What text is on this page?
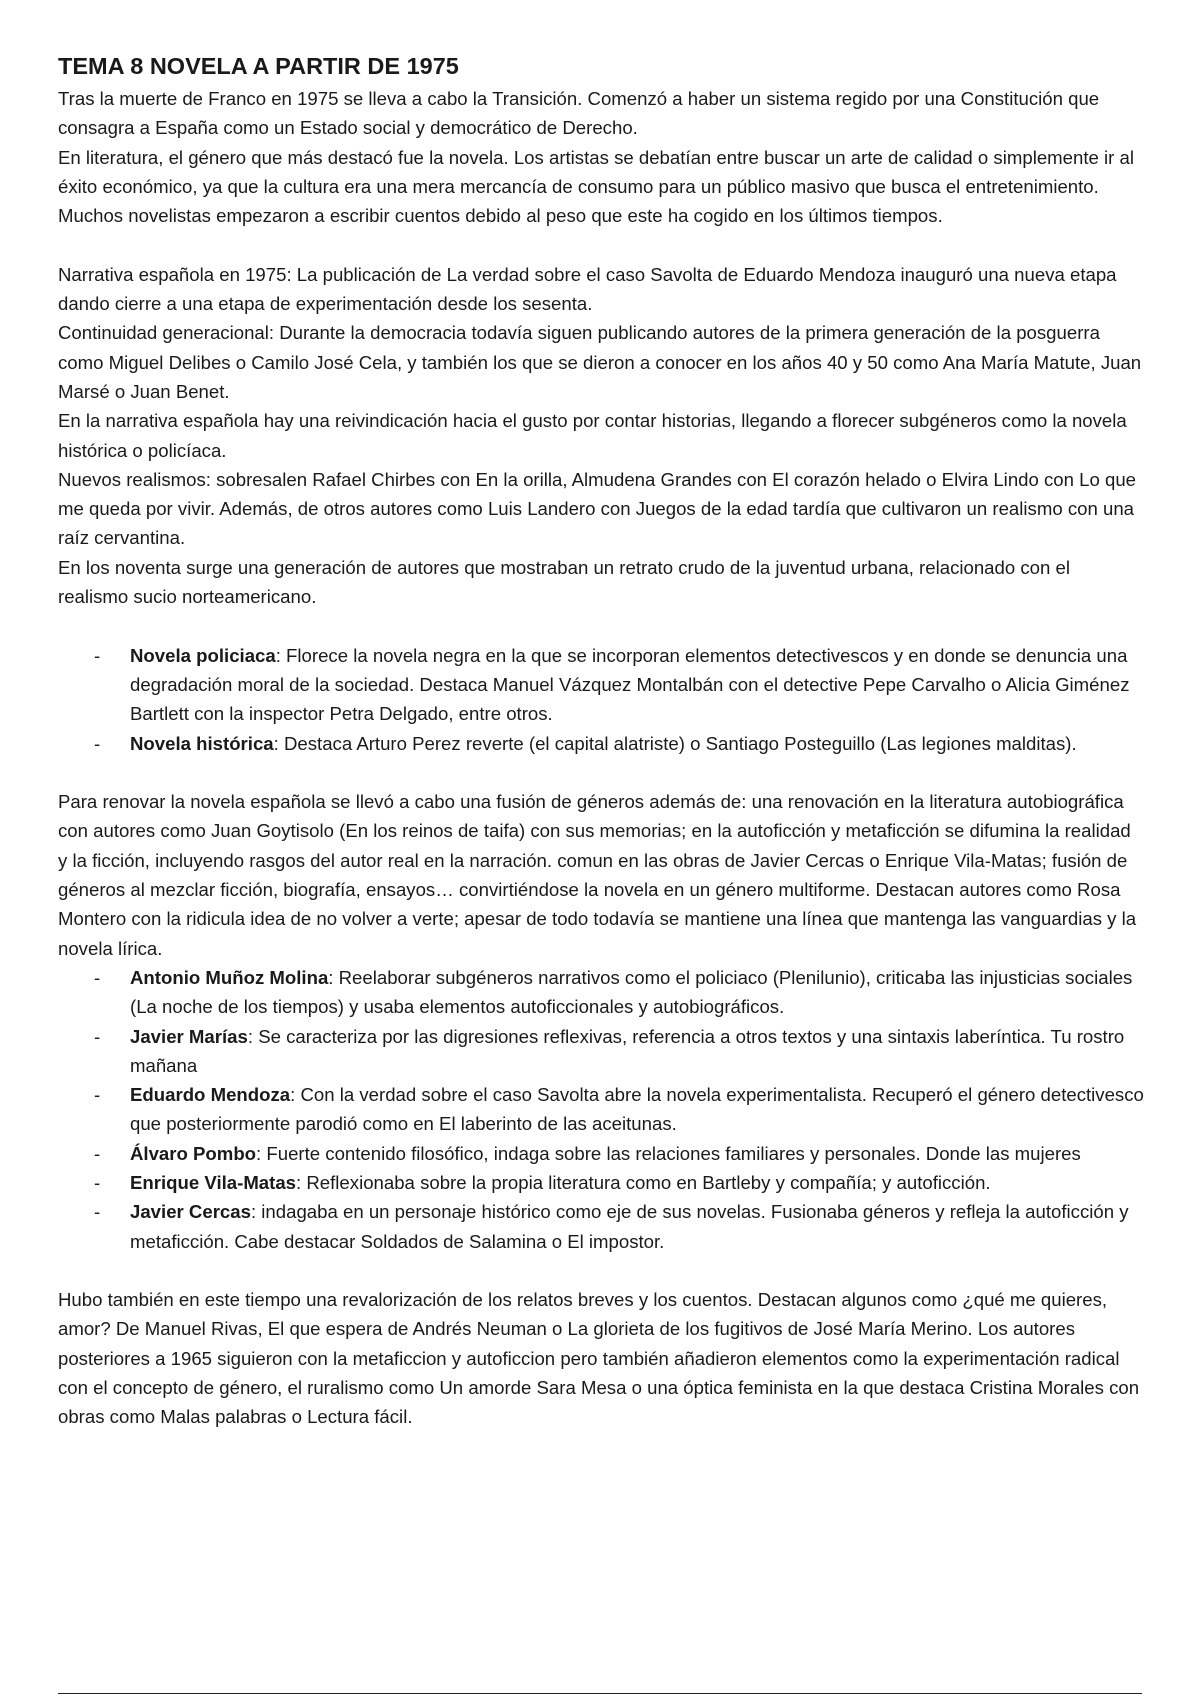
TEMA 8 NOVELA A PARTIR DE 1975

Tras la muerte de Franco en 1975 se lleva a cabo la Transición. Comenzó a haber un sistema regido por una Constitución que consagra a España como un Estado social y democrático de Derecho.

En literatura, el género que más destacó fue la novela. Los artistas se debatían entre buscar un arte de calidad o simplemente ir al éxito económico, ya que la cultura era una mera mercancía de consumo para un público masivo que busca el entretenimiento. Muchos novelistas empezaron a escribir cuentos debido al peso que este ha cogido en los últimos tiempos.

Narrativa española en 1975: La publicación de La verdad sobre el caso Savolta de Eduardo Mendoza inauguró una nueva etapa dando cierre a una etapa de experimentación desde los sesenta.

Continuidad generacional: Durante la democracia todavía siguen publicando autores de la primera generación de la posguerra como Miguel Delibes o Camilo José Cela, y también los que se dieron a conocer en los años 40 y 50 como Ana María Matute, Juan Marsé o Juan Benet.

En la narrativa española hay una reivindicación hacia el gusto por contar historias, llegando a florecer subgéneros como la novela histórica o policíaca.

Nuevos realismos: sobresalen Rafael Chirbes con En la orilla, Almudena Grandes con El corazón helado o Elvira Lindo con Lo que me queda por vivir. Además, de otros autores como Luis Landero con Juegos de la edad tardía que cultivaron un realismo con una raíz cervantina.

En los noventa surge una generación de autores que mostraban un retrato crudo de la juventud urbana, relacionado con el realismo sucio norteamericano.

- Novela policiaca: Florece la novela negra en la que se incorporan elementos detectivescos y en donde se denuncia una degradación moral de la sociedad. Destaca Manuel Vázquez Montalbán con el detective Pepe Carvalho o Alicia Giménez Bartlett con la inspector Petra Delgado, entre otros.
- Novela histórica: Destaca Arturo Perez reverte (el capital alatriste) o Santiago Posteguillo (Las legiones malditas).

Para renovar la novela española se llevó a cabo una fusión de géneros además de: una renovación en la literatura autobiográfica con autores como Juan Goytisolo (En los reinos de taifa) con sus memorias; en la autoficción y metaficción se difumina la realidad y la ficción, incluyendo rasgos del autor real en la narración. comun en las obras de Javier Cercas o Enrique Vila-Matas; fusión de géneros al mezclar ficción, biografía, ensayos… convirtiéndose la novela en un género multiforme. Destacan autores como Rosa Montero con la ridicula idea de no volver a verte; apesar de todo todavía se mantiene una línea que mantenga las vanguardias y la novela lírica.

- Antonio Muñoz Molina: Reelaborar subgéneros narrativos como el policiaco (Plenilunio), criticaba las injusticias sociales (La noche de los tiempos) y usaba elementos autoficcionales y autobiográficos.
- Javier Marías: Se caracteriza por las digresiones reflexivas, referencia a otros textos y una sintaxis laberíntica. Tu rostro mañana
- Eduardo Mendoza: Con la verdad sobre el caso Savolta abre la novela experimentalista. Recuperó el género detectivesco que posteriormente parodió como en El laberinto de las aceitunas.
- Álvaro Pombo: Fuerte contenido filosófico, indaga sobre las relaciones familiares y personales. Donde las mujeres
- Enrique Vila-Matas: Reflexionaba sobre la propia literatura como en Bartleby y compañía; y autoficción.
- Javier Cercas: indagaba en un personaje histórico como eje de sus novelas. Fusionaba géneros y refleja la autoficción y metaficción. Cabe destacar Soldados de Salamina o El impostor.

Hubo también en este tiempo una revalorización de los relatos breves y los cuentos. Destacan algunos como ¿qué me quieres, amor? De Manuel Rivas, El que espera de Andrés Neuman o La glorieta de los fugitivos de José María Merino. Los autores posteriores a 1965 siguieron con la metaficcion y autoficcion pero también añadieron elementos como la experimentación radical con el concepto de género, el ruralismo como Un amorde Sara Mesa o una óptica feminista en la que destaca Cristina Morales con obras como Malas palabras o Lectura fácil.
